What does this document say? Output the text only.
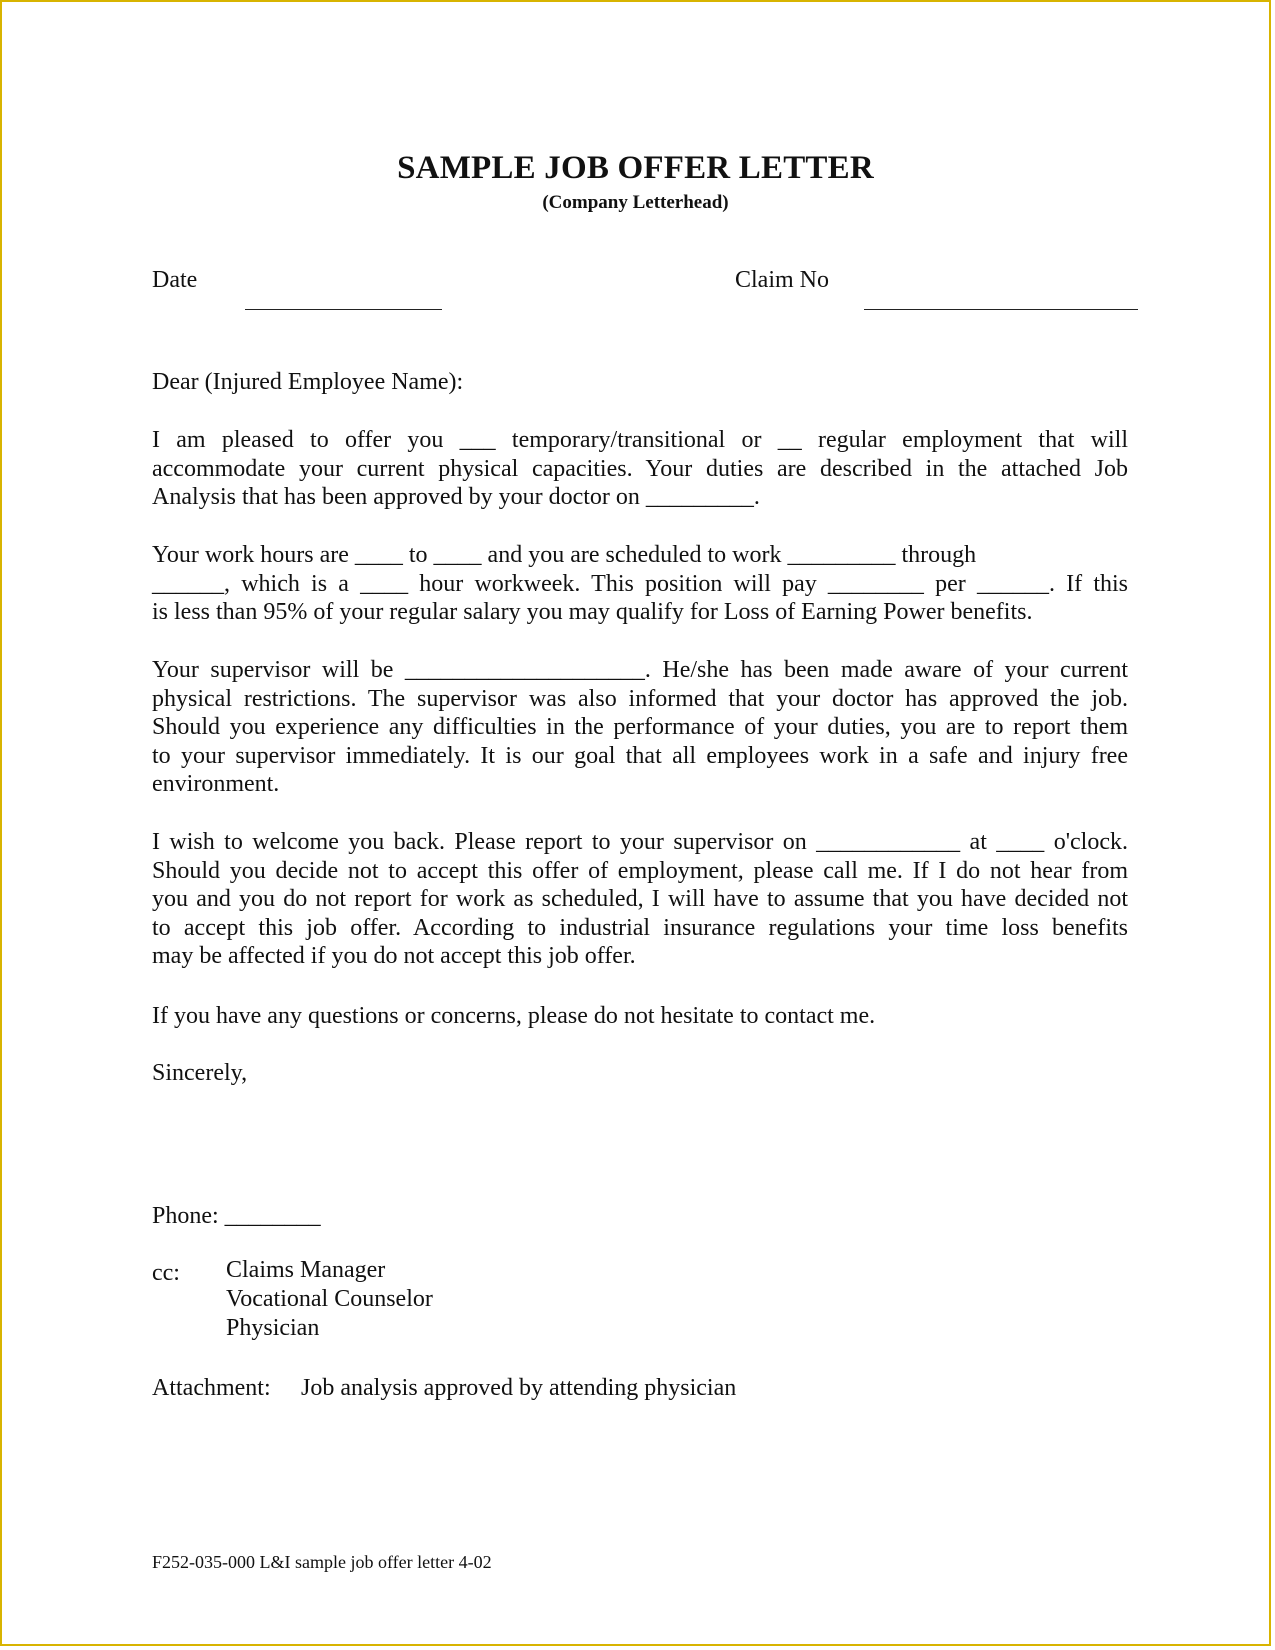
SAMPLE JOB OFFER LETTER
(Company Letterhead)
Date	Claim No
Dear (Injured Employee Name):
I am pleased to offer you ___ temporary/transitional or __ regular employment that will
accommodate your current physical capacities. Your duties are described in the attached Job
Analysis that has been approved by your doctor on _________.
Your work hours are ____ to ____ and you are scheduled to work _________ through
______, which is a ____ hour workweek. This position will pay ________ per ______. If this
is less than 95% of your regular salary you may qualify for Loss of Earning Power benefits.
Your supervisor will be ____________________. He/she has been made aware of your current
physical restrictions. The supervisor was also informed that your doctor has approved the job.
Should you experience any difficulties in the performance of your duties, you are to report them
to your supervisor immediately. It is our goal that all employees work in a safe and injury free
environment.
I wish to welcome you back. Please report to your supervisor on ____________ at ____ o'clock.
Should you decide not to accept this offer of employment, please call me. If I do not hear from
you and you do not report for work as scheduled, I will have to assume that you have decided not
to accept this job offer. According to industrial insurance regulations your time loss benefits
may be affected if you do not accept this job offer.
If you have any questions or concerns, please do not hesitate to contact me.
Sincerely,
Phone: ________
cc: Claims Manager
Vocational Counselor
Physician
Attachment: Job analysis approved by attending physician
F252-035-000 L&I sample job offer letter 4-02
